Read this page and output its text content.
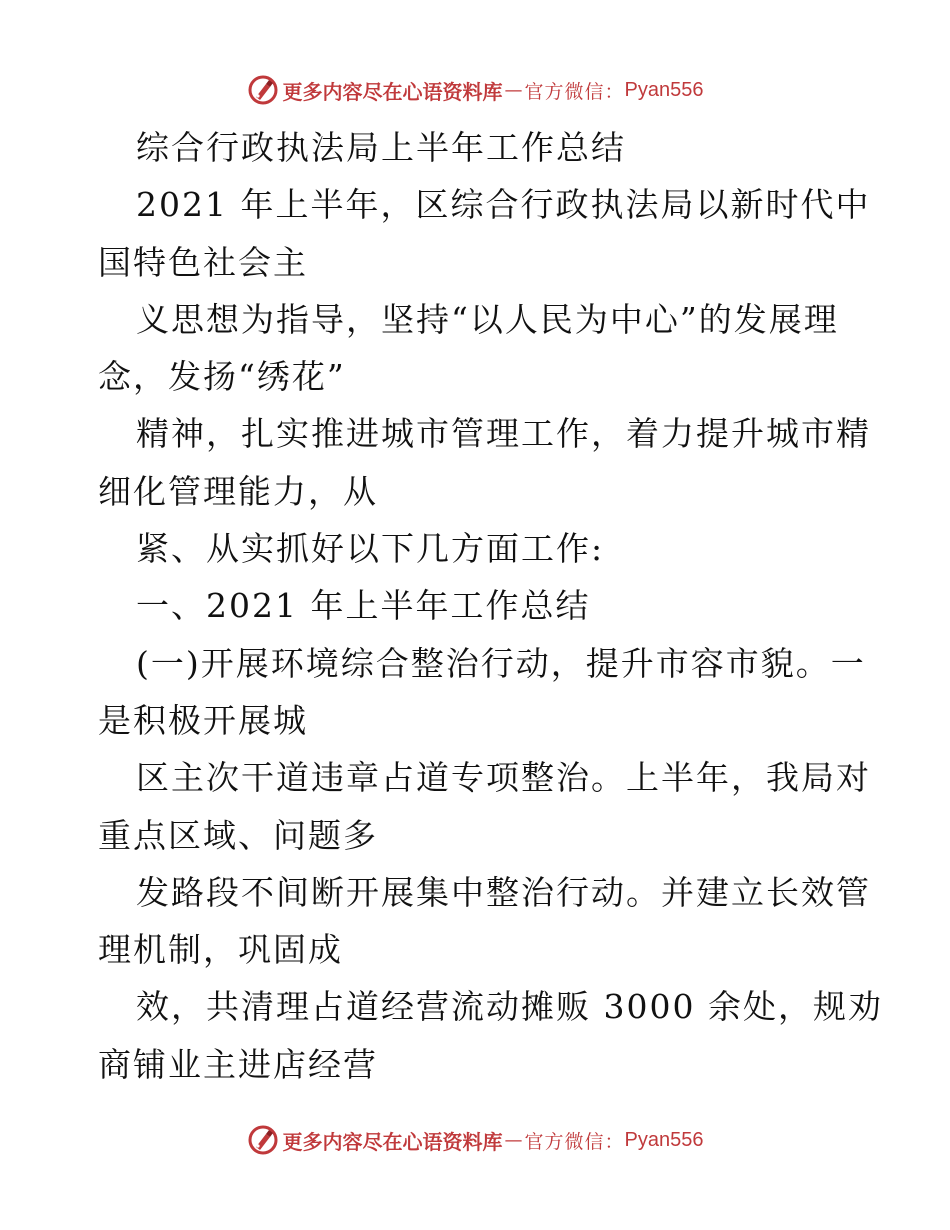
更多内容尽在心语资料库 — 官方微信： Pyan556
综合行政执法局上半年工作总结
2021 年上半年，区综合行政执法局以新时代中
国特色社会主
义思想为指导，坚持“以人民为中心”的发展理
念，发扬“绣花”
精神，扎实推进城市管理工作，着力提升城市精
细化管理能力，从
紧、从实抓好以下几方面工作:
一、2021 年上半年工作总结
(一)开展环境综合整治行动，提升市容市貌。一
是积极开展城
区主次干道违章占道专项整治。上半年，我局对
重点区域、问题多
发路段不间断开展集中整治行动。并建立长效管
理机制，巩固成
效，共清理占道经营流动摊贩 3000 余处，规劝
商铺业主进店经营
更多内容尽在心语资料库 — 官方微信： Pyan556
